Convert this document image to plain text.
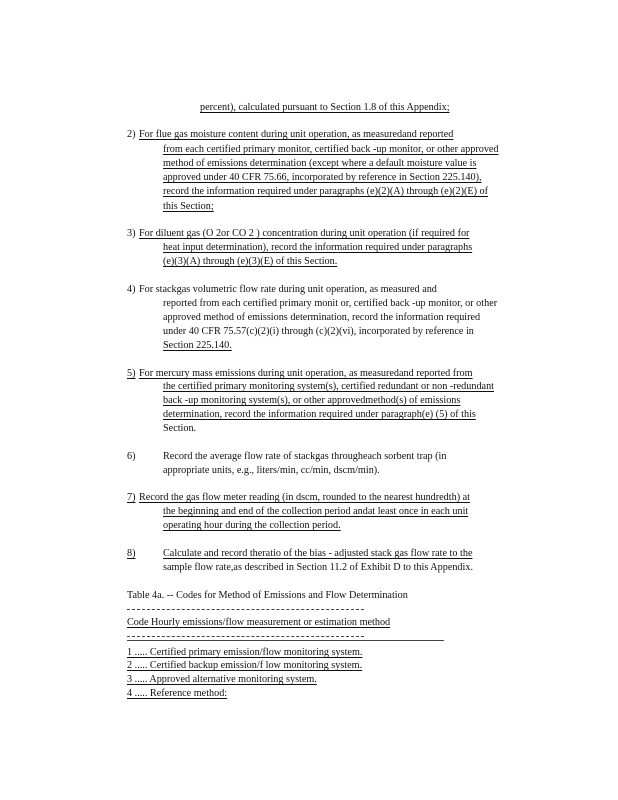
percent), calculated pursuant to Section 1.8 of this Appendix;
2) For flue gas moisture content during unit operation, as measuredand reported
from each certified primary monitor, certified back -up monitor, or other approved
method of emissions determination (except where a default moisture value is
approved under 40 CFR 75.66, incorporated by reference in Section 225.140),
record the information required under paragraphs (e)(2)(A) through (e)(2)(E) of
this Section;
3) For diluent gas (O 2or CO 2 ) concentration during unit operation (if required for
heat input determination), record the information required under paragraphs
(e)(3)(A) through (e)(3)(E) of this Section.
4) For stackgas volumetric flow rate during unit operation, as measured and
reported from each certified primary monit or, certified back -up monitor, or other
approved method of emissions determination, record the information required
under 40 CFR 75.57(c)(2)(i) through (c)(2)(vi), incorporated by reference in
Section 225.140.
5) For mercury mass emissions during unit operation, as measuredand reported from
the certified primary monitoring system(s), certified redundant or non -redundant
back -up monitoring system(s), or other approvedmethod(s) of emissions
determination, record the information required under paragraph(e) (5) of this
Section.
6)	Record the average flow rate of stackgas throughеach sorbent trap (in
appropriate units, e.g., liters/min, cc/min, dscm/min).
7) Record the gas flow meter reading (in dscm, rounded to the nearest hundredth) at
the beginning and end of the collection period andat least once in each unit
operating hour during the collection period.
8)	Calculate and record theratio of the bias - adjusted stack gas flow rate to the
sample flow rate,as described in Section 11.2 of Exhibit D to this Appendix.
Table 4a. -- Codes for Method of Emissions and Flow Determination
Code Hourly emissions/flow measurement or estimation method
1 ..... Certified primary emission/flow monitoring system.
2 ..... Certified backup emission/f low monitoring system.
3 ..... Approved alternative monitoring system.
4 ..... Reference method:
